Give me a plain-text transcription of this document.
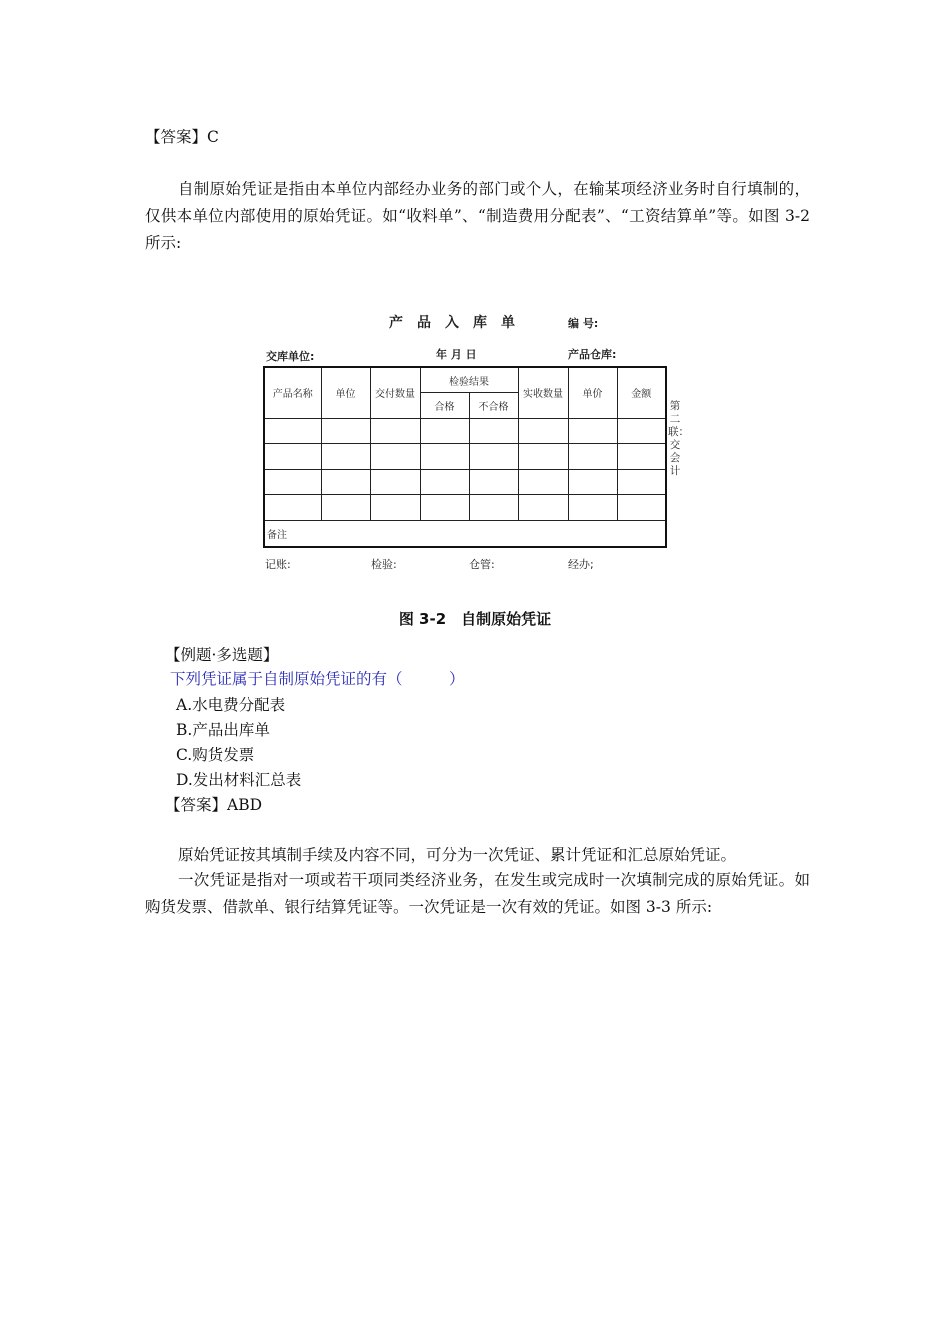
【答案】C

自制原始凭证是指由本单位内部经办业务的部门或个人，在输某项经济业务时自行填制的，仅供本单位内部使用的原始凭证。如“收料单”、“制造费用分配表”、“工资结算单”等。如图 3-2 所示:

产品入库单	编 号:
交库单位:	年 月 日	产品仓库:
产品名称	单位	交付数量	检验结果		实收数量	单价	金额
			合格	不合格			

备注							
第二联：交会计
记账:	检验:	仓管:	经办;
图 3-2　自制原始凭证

【例题·多选题】

下列凭证属于自制原始凭证的有（　　　）

A.水电费分配表

B.产品出库单

C.购货发票

D.发出材料汇总表

【答案】ABD

原始凭证按其填制手续及内容不同，可分为一次凭证、累计凭证和汇总原始凭证。

一次凭证是指对一项或若干项同类经济业务，在发生或完成时一次填制完成的原始凭证。如购货发票、借款单、银行结算凭证等。一次凭证是一次有效的凭证。如图 3-3 所示:
